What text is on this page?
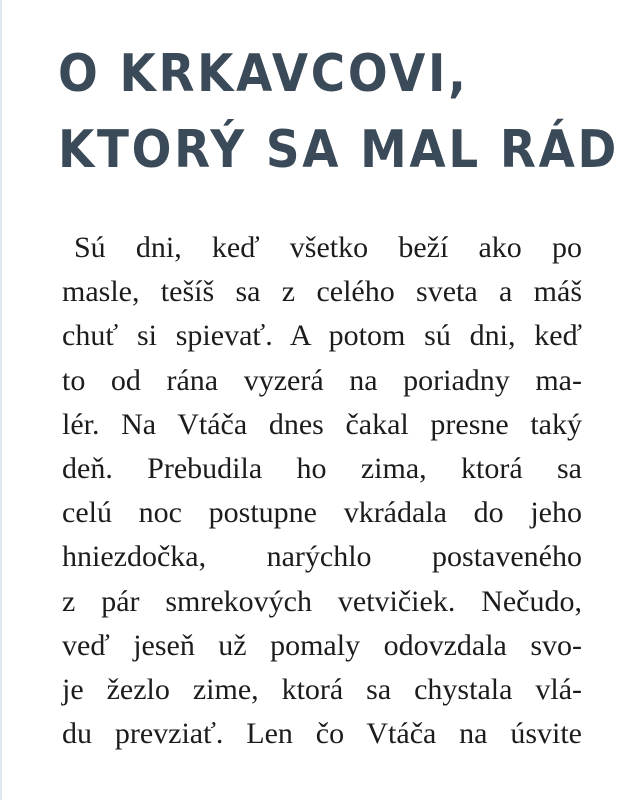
O KRKAVCOVI,
KTORÝ SA MAL RÁD
Sú dni, keď všetko beží ako po
masle, tešíš sa z celého sveta a máš
chuť si spievať. A potom sú dni, keď
to od rána vyzerá na poriadny ma-
lér. Na Vtáča dnes čakal presne taký
deň. Prebudila ho zima, ktorá sa
celú noc postupne vkrádala do jeho
hniezdočka, narýchlo postaveného
z pár smrekových vetvičiek. Nečudo,
veď jeseň už pomaly odovzdala svo-
je žezlo zime, ktorá sa chystala vlá-
du prevziať. Len čo Vtáča na úsvite
